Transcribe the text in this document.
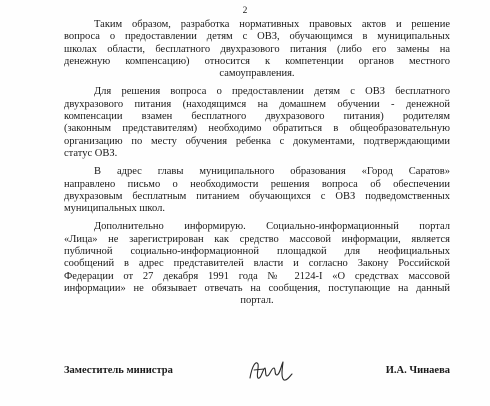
2
Таким образом, разработка нормативных правовых актов и решение
вопроса о предоставлении детям с ОВЗ, обучающимся в муниципальных
школах области, бесплатного двухразового питания (либо его замены на
денежную компенсацию) относится к компетенции органов местного
самоуправления.
Для решения вопроса о предоставлении детям с ОВЗ бесплатного
двухразового питания (находящимся на домашнем обучении - денежной
компенсации взамен бесплатного двухразового питания) родителям
(законным представителям) необходимо обратиться в общеобразовательную
организацию по месту обучения ребенка с документами, подтверждающими
статус ОВЗ.
В адрес главы муниципального образования «Город Саратов»
направлено письмо о необходимости решения вопроса об обеспечении
двухразовым бесплатным питанием обучающихся с ОВЗ подведомственных
муниципальных школ.
Дополнительно информирую. Социально-информационный портал
«Лица» не зарегистрирован как средство массовой информации, является
публичной социально-информационной площадкой для неофициальных
сообщений в адрес представителей власти и согласно Закону Российской
Федерации от 27 декабря 1991 года № 2124-I «О средствах массовой
информации» не обязывает отвечать на сообщения, поступающие на данный
портал.
Заместитель министра	И.А. Чинаева
